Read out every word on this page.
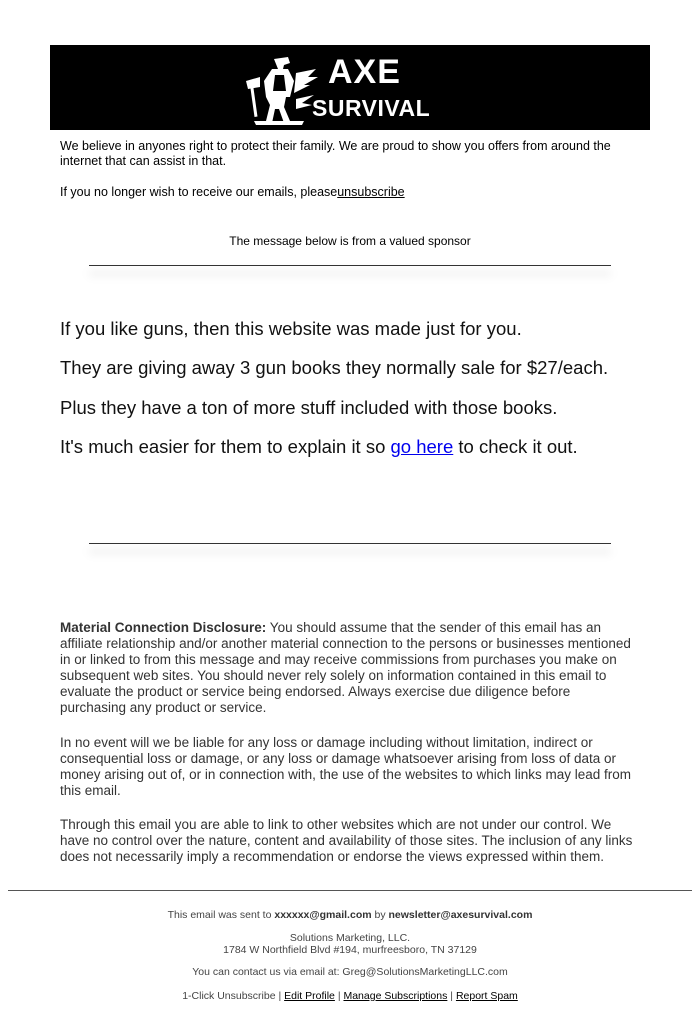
AXE
SURVIVAL
We believe in anyones right to protect their family. We are proud to show you offers from around the internet that can assist in that.
If you no longer wish to receive our emails, pleaseunsubscribe
The message below is from a valued sponsor
If you like guns, then this website was made just for you.
They are giving away 3 gun books they normally sale for $27/each.
Plus they have a ton of more stuff included with those books.
It's much easier for them to explain it so go here to check it out.
Material Connection Disclosure: You should assume that the sender of this email has an affiliate relationship and/or another material connection to the persons or businesses mentioned in or linked to from this message and may receive commissions from purchases you make on subsequent web sites. You should never rely solely on information contained in this email to evaluate the product or service being endorsed. Always exercise due diligence before purchasing any product or service.
In no event will we be liable for any loss or damage including without limitation, indirect or consequential loss or damage, or any loss or damage whatsoever arising from loss of data or money arising out of, or in connection with, the use of the websites to which links may lead from this email.
Through this email you are able to link to other websites which are not under our control. We have no control over the nature, content and availability of those sites. The inclusion of any links does not necessarily imply a recommendation or endorse the views expressed within them.
This email was sent to xxxxxx@gmail.com by newsletter@axesurvival.com
Solutions Marketing, LLC.
1784 W Northfield Blvd #194, murfreesboro, TN 37129
You can contact us via email at: Greg@SolutionsMarketingLLC.com
1-Click Unsubscribe | Edit Profile | Manage Subscriptions | Report Spam
